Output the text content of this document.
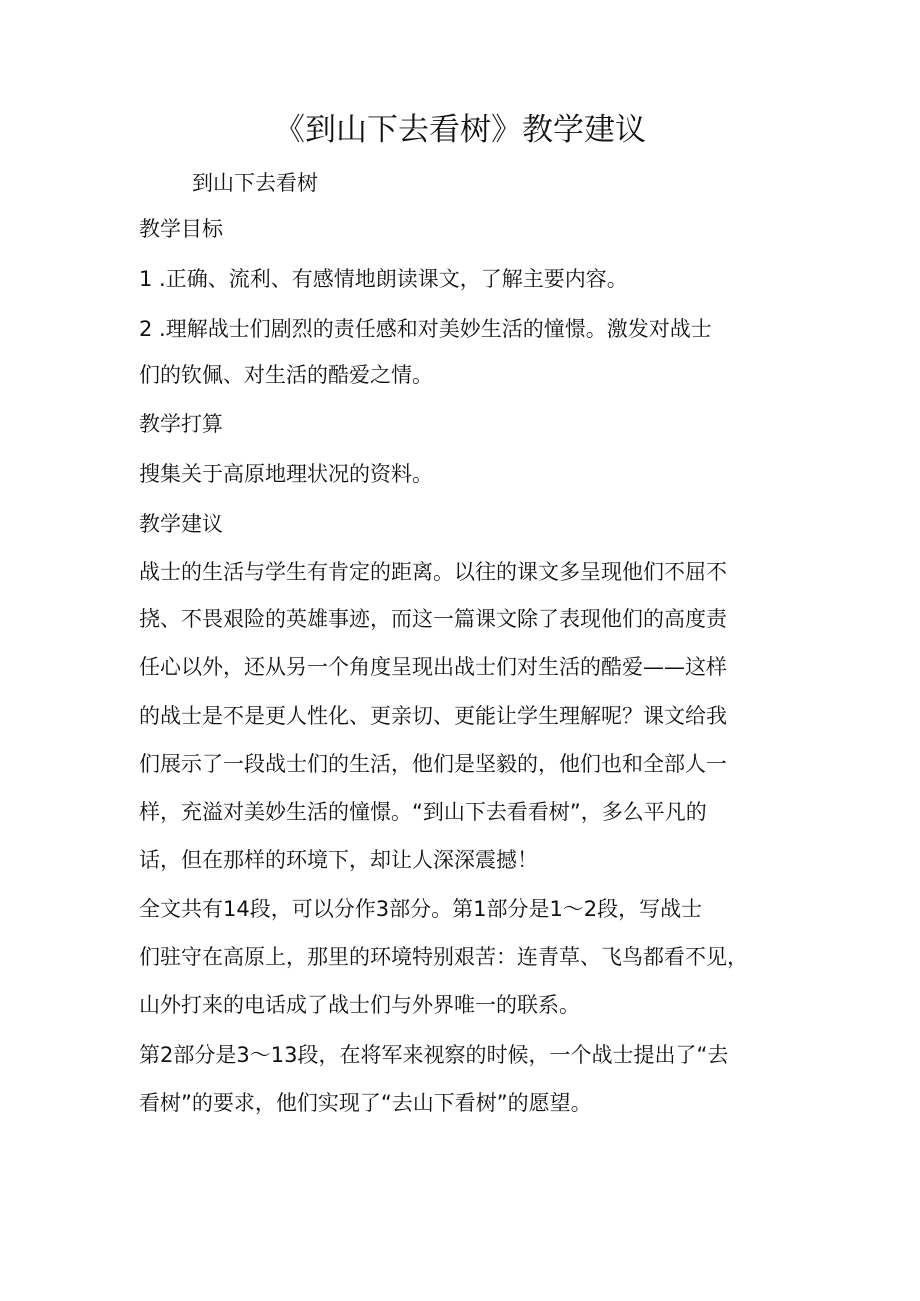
《到山下去看树》教学建议
到山下去看树
教学目标
1 .正确、流利、有感情地朗读课文，了解主要内容。
2 .理解战士们剧烈的责任感和对美妙生活的憧憬。激发对战士
们的钦佩、对生活的酷爱之情。
教学打算
搜集关于高原地理状况的资料。
教学建议
战士的生活与学生有肯定的距离。以往的课文多呈现他们不屈不
挠、不畏艰险的英雄事迹，而这一篇课文除了表现他们的高度责
任心以外，还从另一个角度呈现出战士们对生活的酷爱——这样
的战士是不是更人性化、更亲切、更能让学生理解呢？课文给我
们展示了一段战士们的生活，他们是坚毅的，他们也和全部人一
样，充溢对美妙生活的憧憬。“到山下去看看树”，多么平凡的
话，但在那样的环境下，却让人深深震撼！
全文共有14段，可以分作3部分。第1部分是1～2段，写战士
们驻守在高原上，那里的环境特别艰苦：连青草、飞鸟都看不见，
山外打来的电话成了战士们与外界唯一的联系。
第2部分是3～13段，在将军来视察的时候，一个战士提出了“去
看树”的要求，他们实现了“去山下看树”的愿望。
